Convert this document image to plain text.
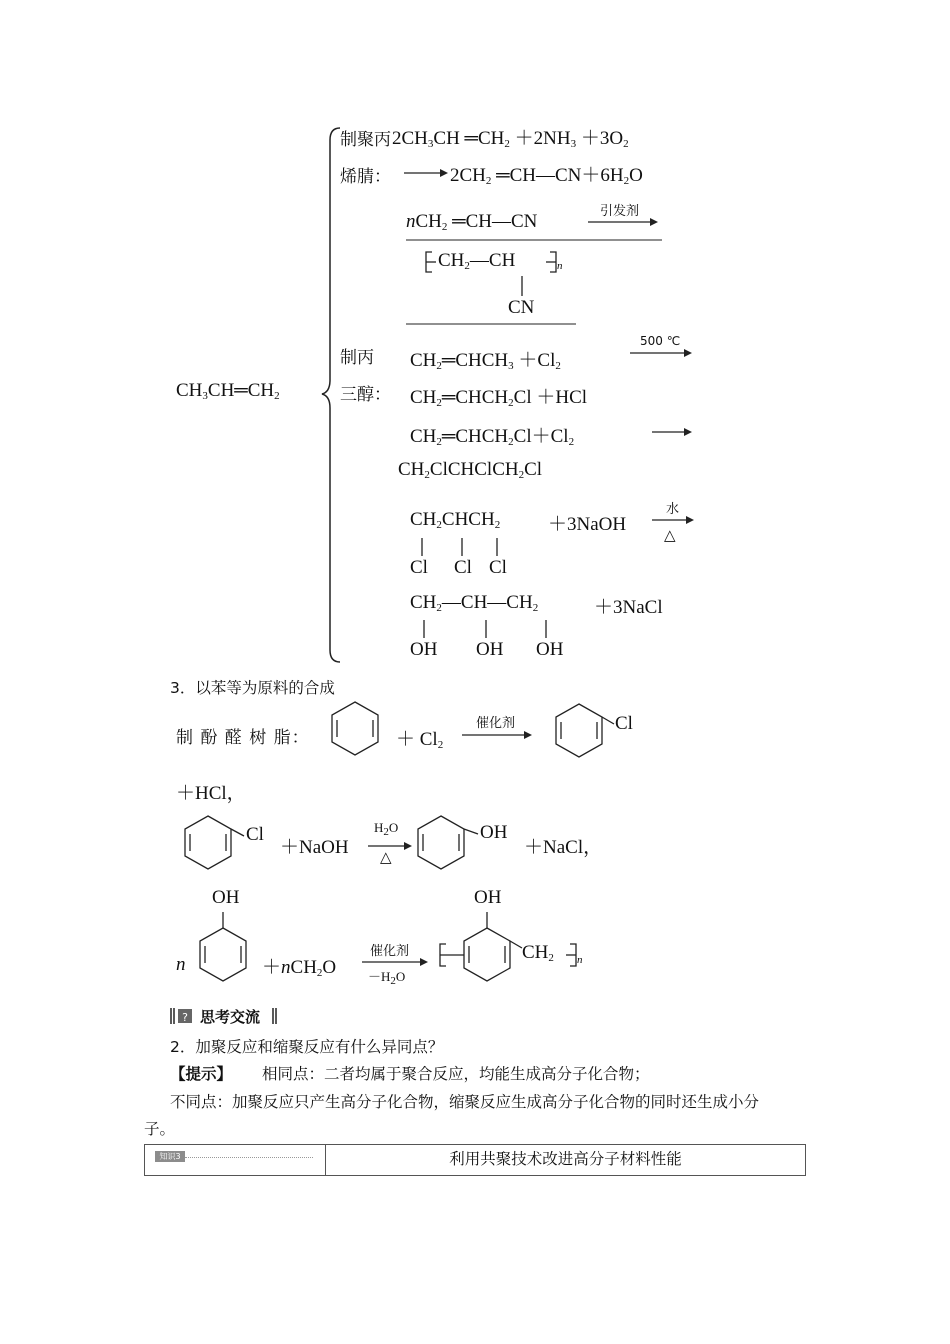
$CH_3CH═CH_2$
制聚丙
烯腈：
$2CH_3CH$ $═CH_2 +2NH_3 +3O_2$
$2CH_2$ $═CH—CN+6H_2O$
nCH$_2$ ═CH—CN	引发剂
$CH_2—CH$	n
CN
制丙
三醇：
$CH_2═CHCH_3 +Cl_2$
500 ℃
$CH_2═CHCH_2Cl +HCl$
$CH_2═CHCH_2Cl+Cl_2$
$CH_2ClCHClCH_2Cl$
$CH_2CHCH_2$	＋3NaOH
水
△
Cl Cl Cl
$CH_2—CH—CH_2$	＋3NaCl
OH OH OH
3．以苯等为原料的合成
制 酚 醛 树 脂：	＋ $Cl_2$
催化剂	Cl
＋HCl，
Cl
＋NaOH
$H_2O$
△
OH
＋NaCl，
OH
n	＋nCH$_2$O
催化剂
$-H_2O$
OH
$CH_2$ n
? 思考交流
2．加聚反应和缩聚反应有什么异同点？
【提示】 相同点：二者均属于聚合反应，均能生成高分子化合物；
不同点：加聚反应只产生高分子化合物，缩聚反应生成高分子化合物的同时还生成小分
子。
知识3	利用共聚技术改进高分子材料性能
